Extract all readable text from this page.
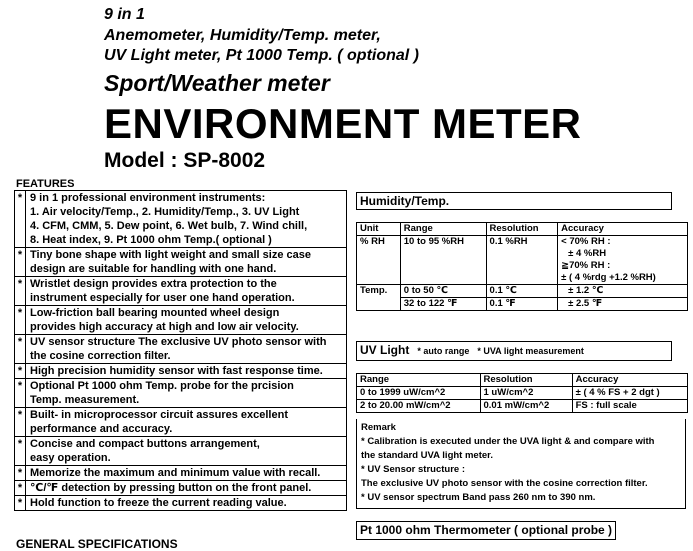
9 in 1
Anemometer, Humidity/Temp. meter,
UV Light meter, Pt 1000 Temp. ( optional )
Sport/Weather meter
ENVIRONMENT METER
Model : SP-8002
FEATURES
* 9 in 1 professional environment instruments:
1. Air velocity/Temp., 2. Humidity/Temp., 3. UV Light
4. CFM, CMM, 5. Dew point, 6. Wet bulb, 7. Wind chill,
8. Heat index, 9. Pt 1000 ohm Temp.( optional )
* Tiny bone shape with light weight and small size case
design are suitable for handling with one hand.
* Wristlet design provides extra protection to the
instrument especially for user one hand operation.
* Low-friction ball bearing mounted wheel design
provides high accuracy at high and low air velocity.
* UV sensor structure The exclusive UV photo sensor with
the cosine correction filter.
* High precision humidity sensor with fast response time.
* Optional Pt 1000 ohm Temp. probe for the prcision
Temp. measurement.
* Built- in microprocessor circuit assures excellent
performance and accuracy.
* Concise and compact buttons arrangement,
easy operation.
* Memorize the maximum and minimum value with recall.
* ℃/℉ detection by pressing button on the front panel.
* Hold function to freeze the current reading value.
GENERAL SPECIFICATIONS
Humidity/Temp.
Unit	Range	Resolution	Accuracy
% RH	10 to 95 %RH	0.1 %RH	< 70% RH :
			± 4 %RH
			≧70% RH :
			± ( 4 %rdg +1.2 %RH)
Temp.	0 to 50 ℃	0.1 ℃	± 1.2 ℃
	32 to 122 ℉	0.1 ℉	± 2.5 ℉
UV Light * auto range * UVA light measurement
Range	Resolution	Accuracy
0 to 1999 uW/cm^2	1 uW/cm^2	± ( 4 % FS + 2 dgt )
2 to 20.00 mW/cm^2	0.01 mW/cm^2	FS : full scale
Remark
* Calibration is executed under the UVA light & and compare with
the standard UVA light meter.
* UV Sensor structure :
The exclusive UV photo sensor with the cosine correction filter.
* UV sensor spectrum Band pass 260 nm to 390 nm.
Pt 1000 ohm Thermometer ( optional probe )
